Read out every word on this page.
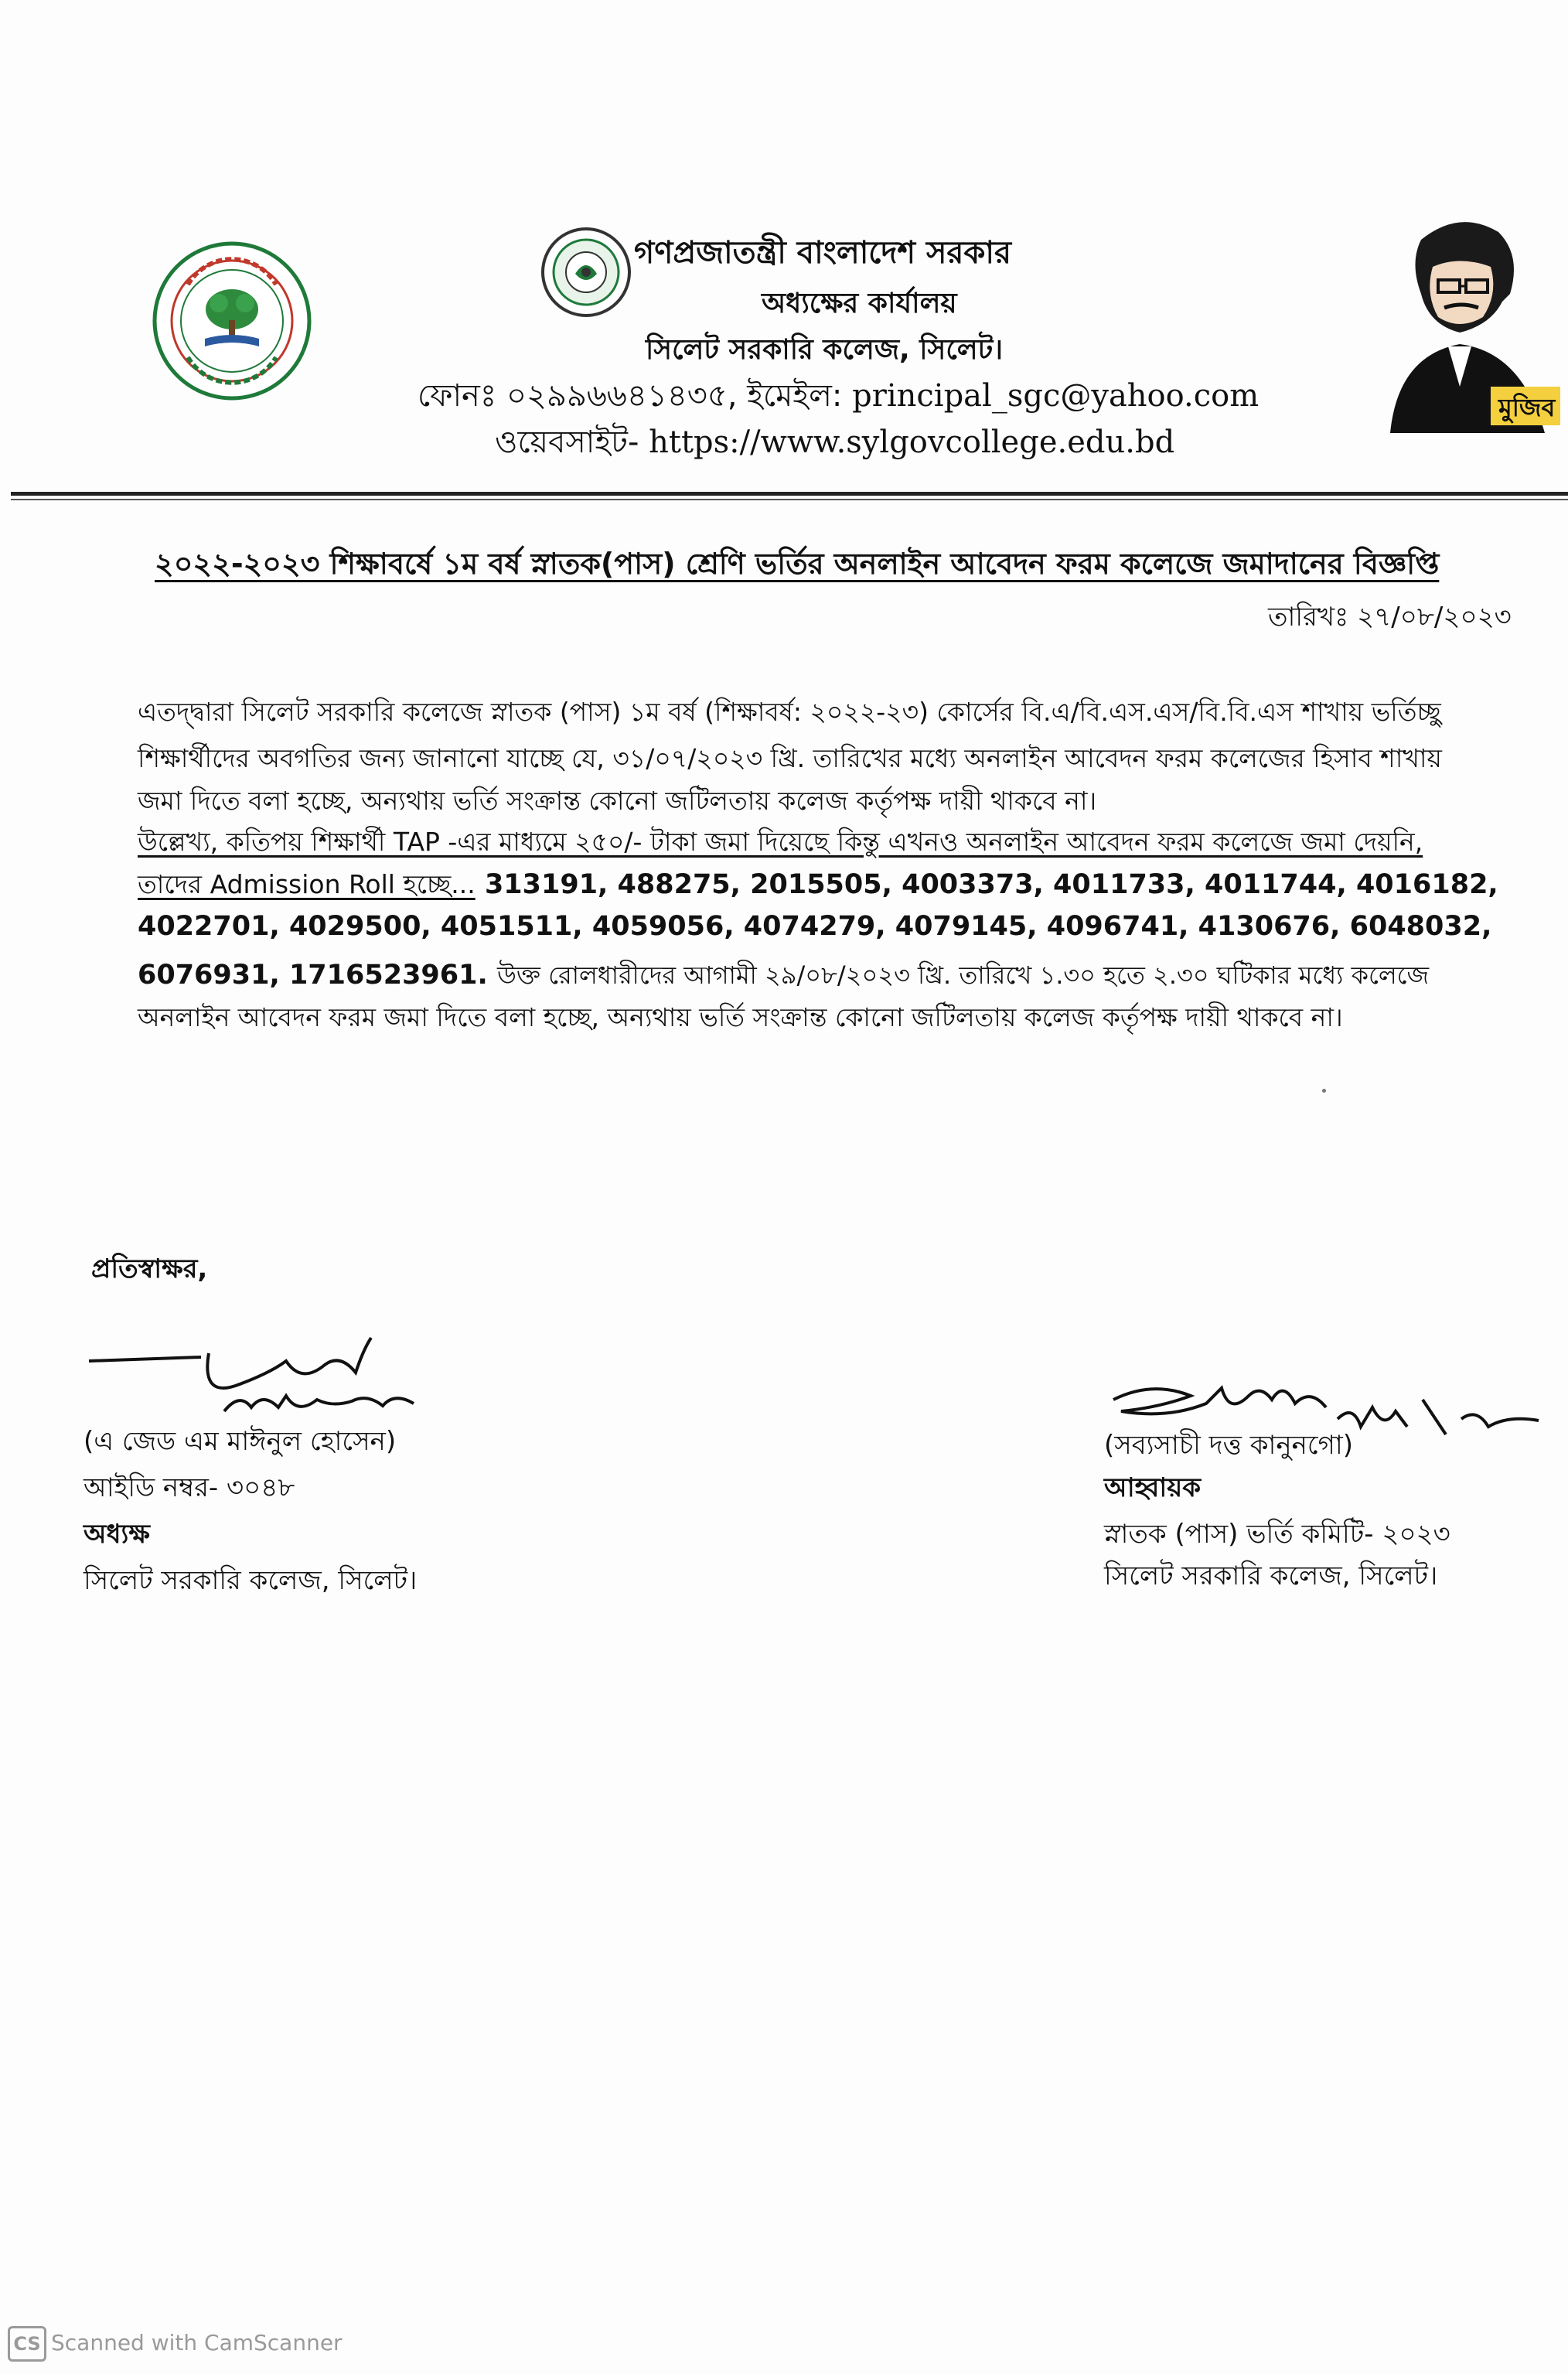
গণপ্রজাতন্ত্রী বাংলাদেশ সরকার
অধ্যক্ষের কার্যালয়
সিলেট সরকারি কলেজ, সিলেট।
ফোনঃ ০২৯৯৬৬৪১৪৩৫, ইমেইল: principal_sgc@yahoo.com
ওয়েবসাইট- https://www.sylgovcollege.edu.bd
মুজিব
২০২২-২০২৩ শিক্ষাবর্ষে ১ম বর্ষ স্নাতক(পাস) শ্রেণি ভর্তির অনলাইন আবেদন ফরম কলেজে জমাদানের বিজ্ঞপ্তি
তারিখঃ ২৭/০৮/২০২৩
এতদ্দ্বারা সিলেট সরকারি কলেজে স্নাতক (পাস) ১ম বর্ষ (শিক্ষাবর্ষ: ২০২২-২৩) কোর্সের বি.এ/বি.এস.এস/বি.বি.এস শাখায় ভর্তিচ্ছু
শিক্ষার্থীদের অবগতির জন্য জানানো যাচ্ছে যে, ৩১/০৭/২০২৩ খ্রি. তারিখের মধ্যে অনলাইন আবেদন ফরম কলেজের হিসাব শাখায়
জমা দিতে বলা হচ্ছে, অন্যথায় ভর্তি সংক্রান্ত কোনো জটিলতায় কলেজ কর্তৃপক্ষ দায়ী থাকবে না।
উল্লেখ্য, কতিপয় শিক্ষার্থী TAP -এর মাধ্যমে ২৫০/- টাকা জমা দিয়েছে কিন্তু এখনও অনলাইন আবেদন ফরম কলেজে জমা দেয়নি,
তাদের Admission Roll হচ্ছে... 313191, 488275, 2015505, 4003373, 4011733, 4011744, 4016182,
4022701, 4029500, 4051511, 4059056, 4074279, 4079145, 4096741, 4130676, 6048032,
6076931, 1716523961. উক্ত রোলধারীদের আগামী ২৯/০৮/২০২৩ খ্রি. তারিখে ১.৩০ হতে ২.৩০ ঘটিকার মধ্যে কলেজে
অনলাইন আবেদন ফরম জমা দিতে বলা হচ্ছে, অন্যথায় ভর্তি সংক্রান্ত কোনো জটিলতায় কলেজ কর্তৃপক্ষ দায়ী থাকবে না।
প্রতিস্বাক্ষর,
(এ জেড এম মাঈনুল হোসেন)
আইডি নম্বর- ৩০৪৮
অধ্যক্ষ
সিলেট সরকারি কলেজ, সিলেট।
(সব্যসাচী দত্ত কানুনগো)
আহ্বায়ক
স্নাতক (পাস) ভর্তি কমিটি- ২০২৩
সিলেট সরকারি কলেজ, সিলেট।
CS Scanned with CamScanner
